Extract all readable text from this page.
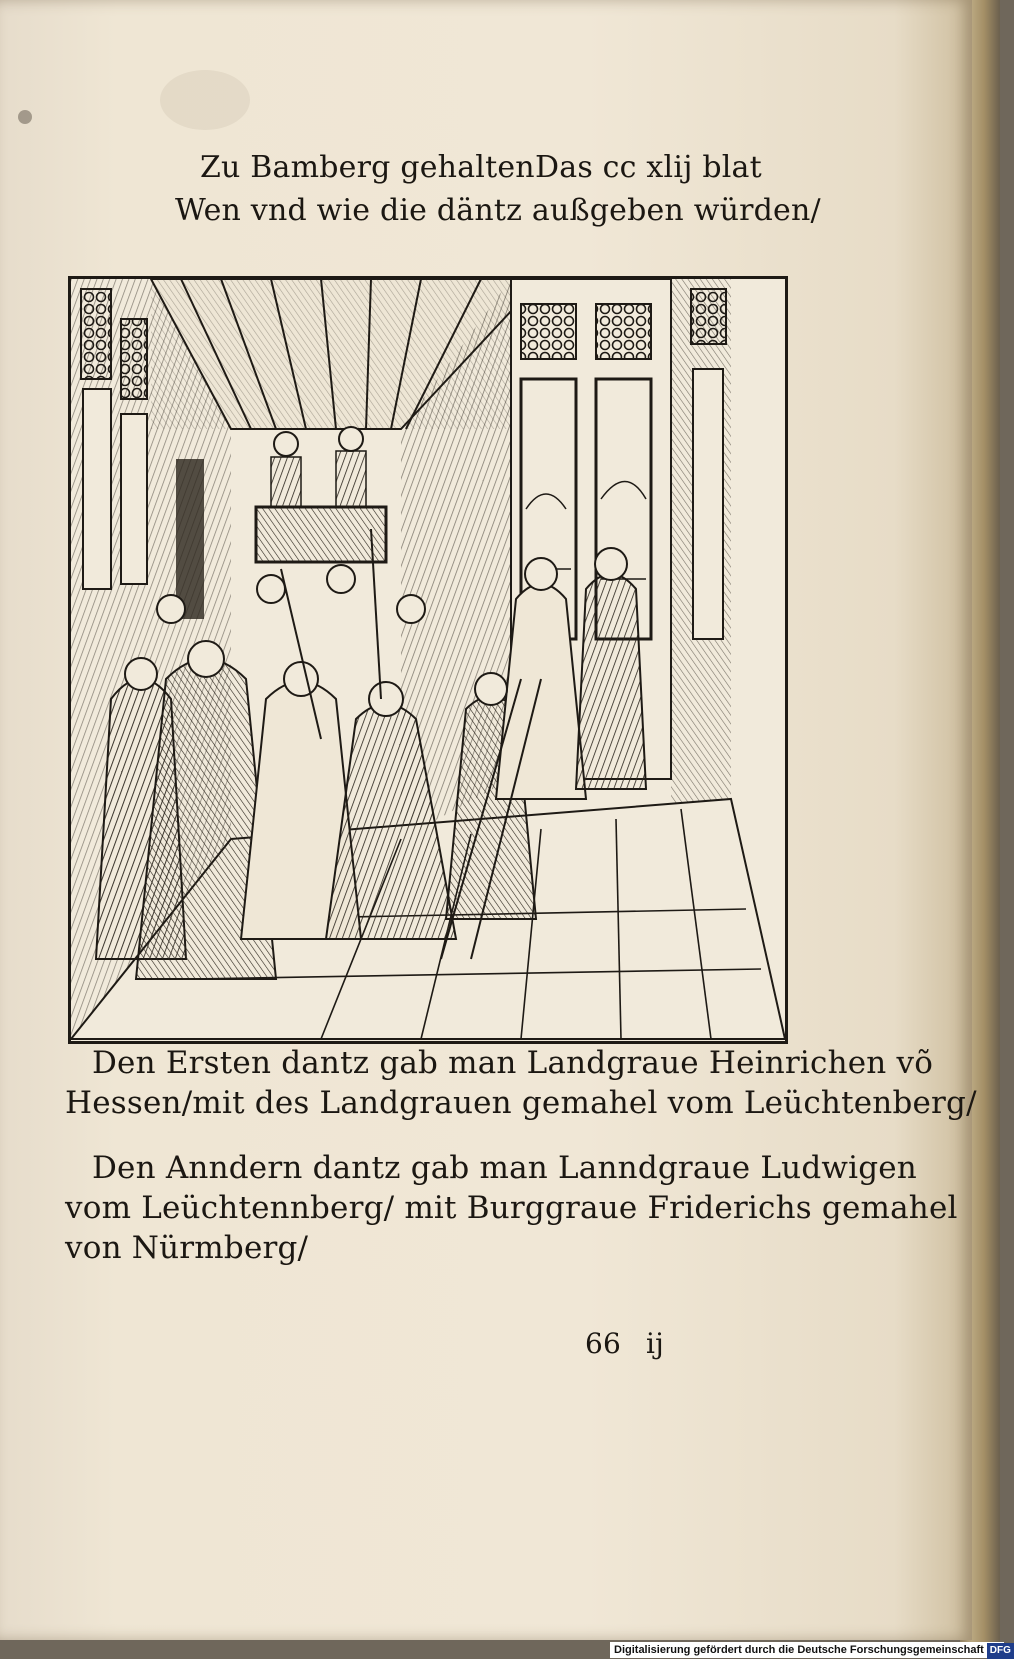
Zu Bamberg gehalten Das cc xlij blat
Wen vnd wie die däntz außgeben würden/
Den Ersten dantz gab man Landgraue Heinrichen võ
Hessen/mit des Landgrauen gemahel vom Leüchtenberg/
Den Anndern dantz gab man Lanndgraue Ludwigen
vom Leüchtennberg/ mit Burggraue Friderichs gemahel
von Nürmberg/
66 ij
Digitalisierung gefördert durch die Deutsche Forschungsgemeinschaft DFG
